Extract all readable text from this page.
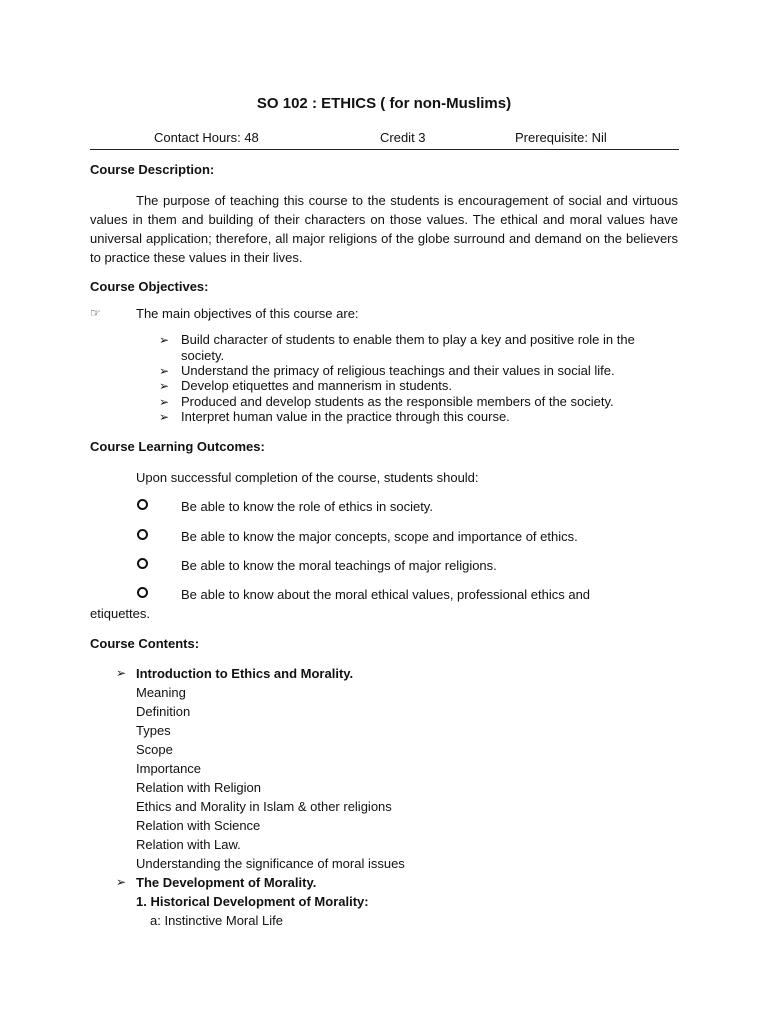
SO 102 : ETHICS ( for non-Muslims)
Contact Hours: 48	Credit 3	Prerequisite: Nil
Course Description:
The purpose of teaching this course to the students is encouragement of social and virtuous values in them and building of their characters on those values. The ethical and moral values have universal application; therefore, all major religions of the globe surround and demand on the believers to practice these values in their lives.
Course Objectives:
☞	The main objectives of this course are:
➢ Build character of students to enable them to play a key and positive role in the society.
➢ Understand the primacy of religious teachings and their values in social life.
➢ Develop etiquettes and mannerism in students.
➢ Produced and develop students as the responsible members of the society.
➢ Interpret human value in the practice through this course.
Course Learning Outcomes:
Upon successful completion of the course, students should:
Be able to know the role of ethics in society.
Be able to know the major concepts, scope and importance of ethics.
Be able to know the moral teachings of major religions.
Be able to know about the moral ethical values, professional ethics and
etiquettes.
Course Contents:
➢ Introduction to Ethics and Morality.
Meaning
Definition
Types
Scope
Importance
Relation with Religion
Ethics and Morality in Islam & other religions
Relation with Science
Relation with Law.
Understanding the significance of moral issues
➢ The Development of Morality.
1. Historical Development of Morality:
a: Instinctive Moral Life
